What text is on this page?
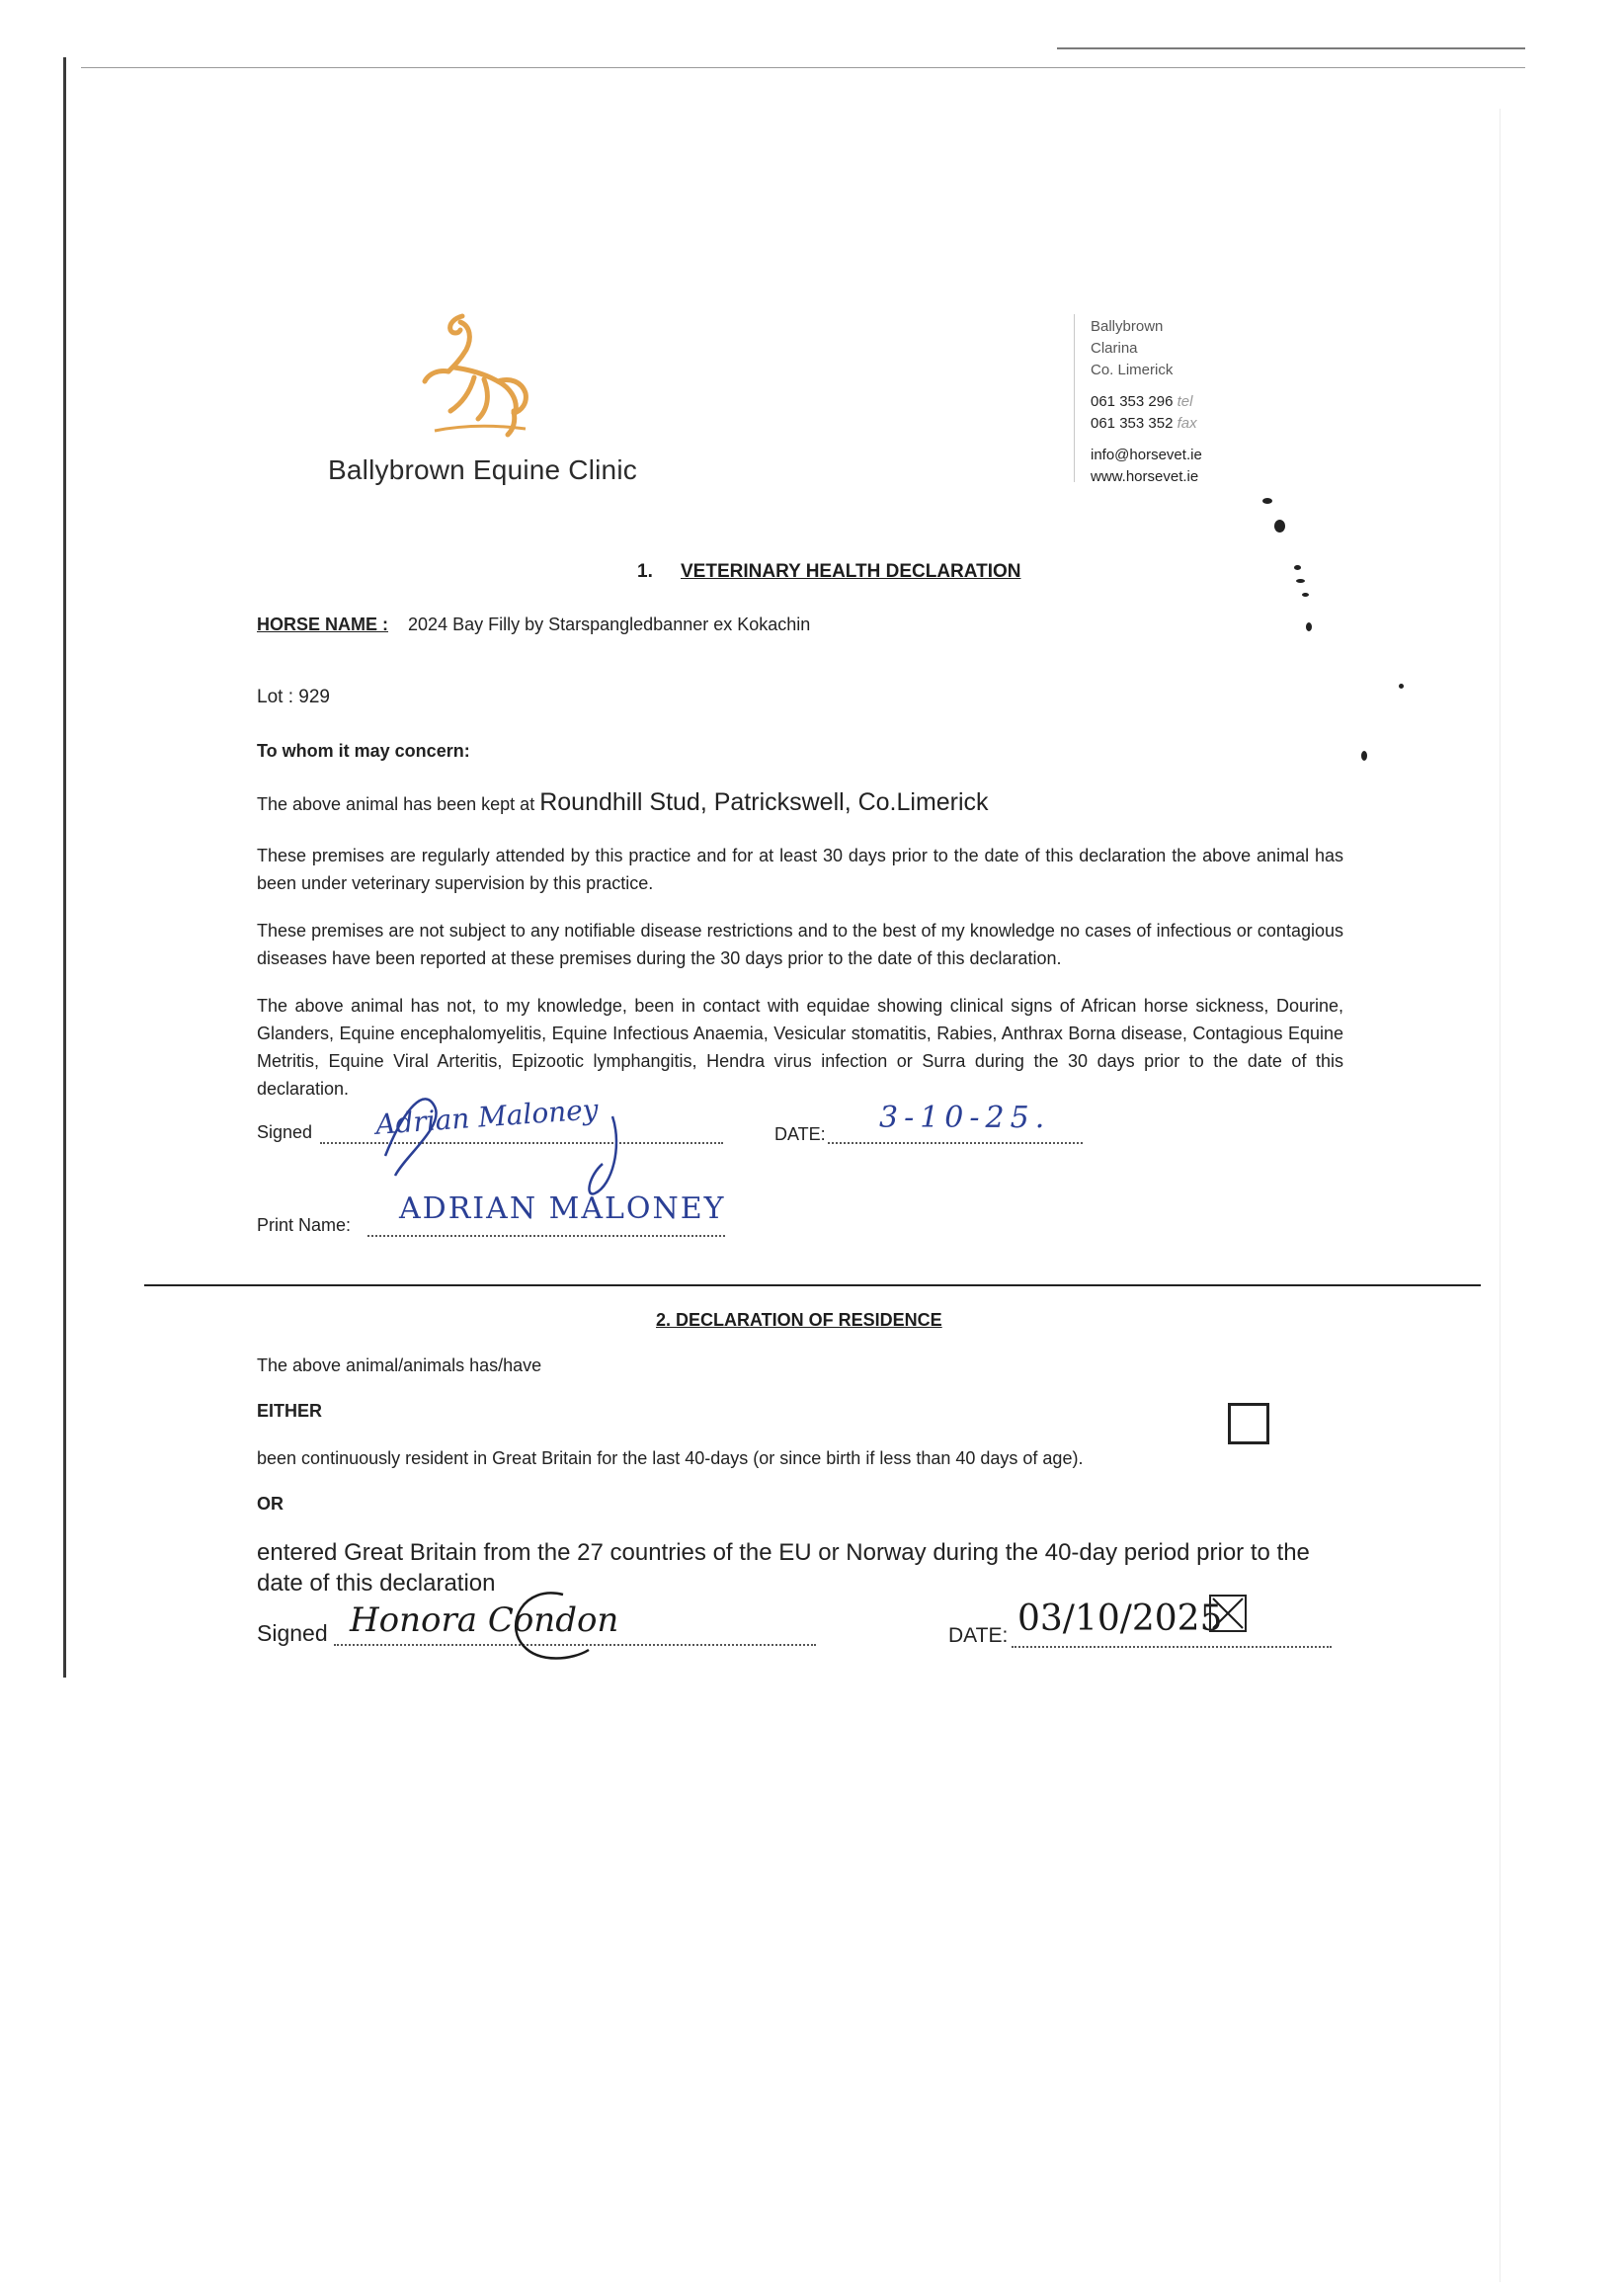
Ballybrown Equine Clinic
Ballybrown
Clarina
Co. Limerick
061 353 296 tel
061 353 352 fax
info@horsevet.ie
www.horsevet.ie
1. VETERINARY HEALTH DECLARATION
HORSE NAME : 2024 Bay Filly by Starspangledbanner ex Kokachin
Lot : 929
To whom it may concern:
The above animal has been kept at Roundhill Stud, Patrickswell, Co.Limerick
These premises are regularly attended by this practice and for at least 30 days prior to the date of this declaration the above animal has been under veterinary supervision by this practice.
These premises are not subject to any notifiable disease restrictions and to the best of my knowledge no cases of infectious or contagious diseases have been reported at these premises during the 30 days prior to the date of this declaration.
The above animal has not, to my knowledge, been in contact with equidae showing clinical signs of African horse sickness, Dourine, Glanders, Equine encephalomyelitis, Equine Infectious Anaemia, Vesicular stomatitis, Rabies, Anthrax Borna disease, Contagious Equine Metritis, Equine Viral Arteritis, Epizootic lymphangitis, Hendra virus infection or Surra during the 30 days prior to the date of this declaration.
Signed Adrian Maloney	DATE: 3-10-25.
Print Name: ADRIAN MALONEY
2. DECLARATION OF RESIDENCE
The above animal/animals has/have
EITHER
been continuously resident in Great Britain for the last 40-days (or since birth if less than 40 days of age).
OR
entered Great Britain from the 27 countries of the EU or Norway during the 40-day period prior to the date of this declaration
Signed Honora Condon	DATE: 03/10/2025
